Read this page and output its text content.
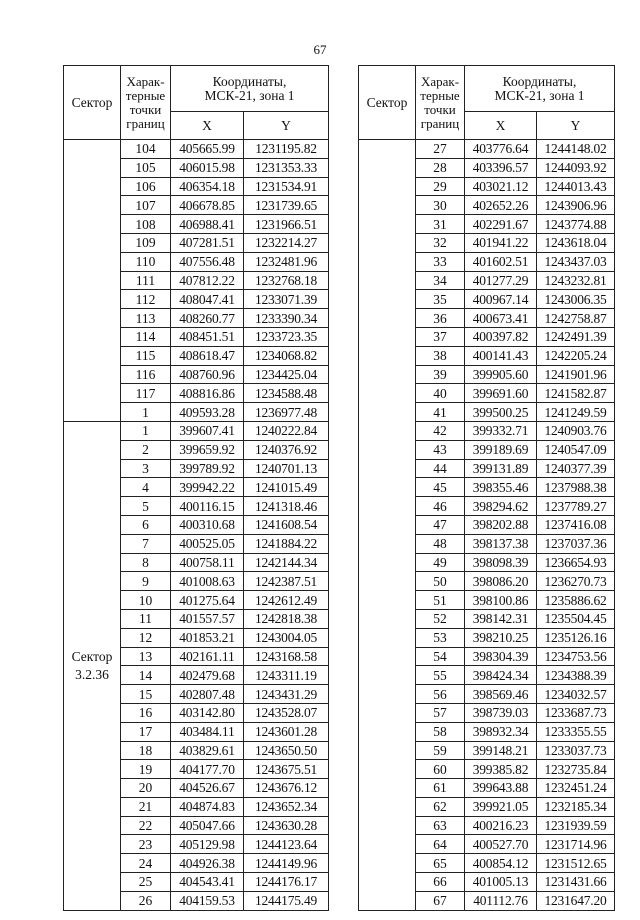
67
Сектор	Харак-
терные
точки
границ	Координаты,
МСК-21, зона 1	
		X	Y
	104	405665.99	1231195.82
	105	406015.98	1231353.33
	106	406354.18	1231534.91
	107	406678.85	1231739.65
	108	406988.41	1231966.51
	109	407281.51	1232214.27
	110	407556.48	1232481.96
	111	407812.22	1232768.18
	112	408047.41	1233071.39
	113	408260.77	1233390.34
	114	408451.51	1233723.35
	115	408618.47	1234068.82
	116	408760.96	1234425.04
	117	408816.86	1234588.48
	1	409593.28	1236977.48
Сектор
3.2.36	1	399607.41	1240222.84
	2	399659.92	1240376.92
	3	399789.92	1240701.13
	4	399942.22	1241015.49
	5	400116.15	1241318.46
	6	400310.68	1241608.54
	7	400525.05	1241884.22
	8	400758.11	1242144.34
	9	401008.63	1242387.51
	10	401275.64	1242612.49
	11	401557.57	1242818.38
	12	401853.21	1243004.05
	13	402161.11	1243168.58
	14	402479.68	1243311.19
	15	402807.48	1243431.29
	16	403142.80	1243528.07
	17	403484.11	1243601.28
	18	403829.61	1243650.50
	19	404177.70	1243675.51
	20	404526.67	1243676.12
	21	404874.83	1243652.34
	22	405047.66	1243630.28
	23	405129.98	1244123.64
	24	404926.38	1244149.96
	25	404543.41	1244176.17
	26	404159.53	1244175.49
Сектор	Харак-
терные
точки
границ	Координаты,
МСК-21, зона 1	
		X	Y
	27	403776.64	1244148.02
	28	403396.57	1244093.92
	29	403021.12	1244013.43
	30	402652.26	1243906.96
	31	402291.67	1243774.88
	32	401941.22	1243618.04
	33	401602.51	1243437.03
	34	401277.29	1243232.81
	35	400967.14	1243006.35
	36	400673.41	1242758.87
	37	400397.82	1242491.39
	38	400141.43	1242205.24
	39	399905.60	1241901.96
	40	399691.60	1241582.87
	41	399500.25	1241249.59
	42	399332.71	1240903.76
	43	399189.69	1240547.09
	44	399131.89	1240377.39
	45	398355.46	1237988.38
	46	398294.62	1237789.27
	47	398202.88	1237416.08
	48	398137.38	1237037.36
	49	398098.39	1236654.93
	50	398086.20	1236270.73
	51	398100.86	1235886.62
	52	398142.31	1235504.45
	53	398210.25	1235126.16
	54	398304.39	1234753.56
	55	398424.34	1234388.39
	56	398569.46	1234032.57
	57	398739.03	1233687.73
	58	398932.34	1233355.55
	59	399148.21	1233037.73
	60	399385.82	1232735.84
	61	399643.88	1232451.24
	62	399921.05	1232185.34
	63	400216.23	1231939.59
	64	400527.70	1231714.96
	65	400854.12	1231512.65
	66	401005.13	1231431.66
	67	401112.76	1231647.20
